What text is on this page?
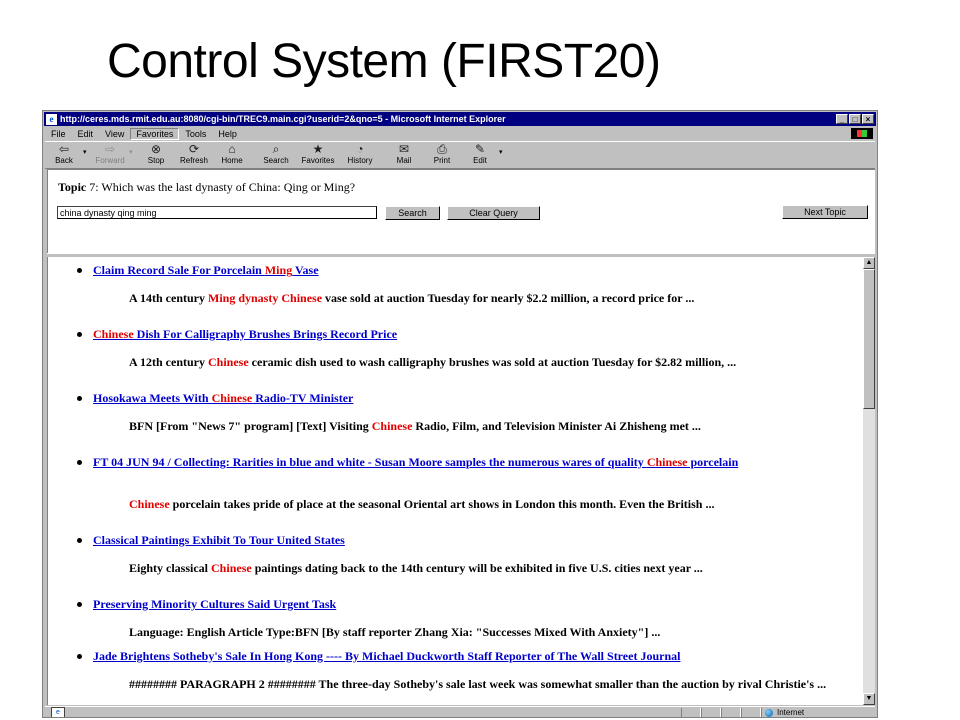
Control System (FIRST20)
e http://ceres.mds.rmit.edu.au:8080/cgi-bin/TREC9.main.cgi?userid=2&qno=5 - Microsoft Internet Explorer	_	□	×
File	Edit	View	Favorites	Tools	Help
⇦
Back
▾	⇨
Forward
▾	⊗
Stop
⟳
Refresh
⌂
Home
⌕
Search
★
Favorites
◔
History
✉
Mail
⎙
Print
✎
Edit
▾
Topic 7: Which was the last dynasty of China: Qing or Ming?
china dynasty qing ming
Search	Clear Query	Next Topic
Claim Record Sale For Porcelain Ming Vase
A 14th century Ming dynasty Chinese vase sold at auction Tuesday for nearly $2.2 million, a record price for ...
Chinese Dish For Calligraphy Brushes Brings Record Price
A 12th century Chinese ceramic dish used to wash calligraphy brushes was sold at auction Tuesday for $2.82 million, ...
Hosokawa Meets With Chinese Radio-TV Minister
BFN [From "News 7" program] [Text] Visiting Chinese Radio, Film, and Television Minister Ai Zhisheng met ...
FT 04 JUN 94 / Collecting: Rarities in blue and white - Susan Moore samples the numerous wares of quality Chinese porcelain
Chinese porcelain takes pride of place at the seasonal Oriental art shows in London this month. Even the British ...
Classical Paintings Exhibit To Tour United States
Eighty classical Chinese paintings dating back to the 14th century will be exhibited in five U.S. cities next year ...
Preserving Minority Cultures Said Urgent Task
Language: English Article Type:BFN [By staff reporter Zhang Xia: "Successes Mixed With Anxiety"] ...
Jade Brightens Sotheby's Sale In Hong Kong ---- By Michael Duckworth Staff Reporter of The Wall Street Journal
######## PARAGRAPH 2 ######## The three-day Sotheby's sale last week was somewhat smaller than the auction by rival Christie's ...
▲
▼
e	Internet
